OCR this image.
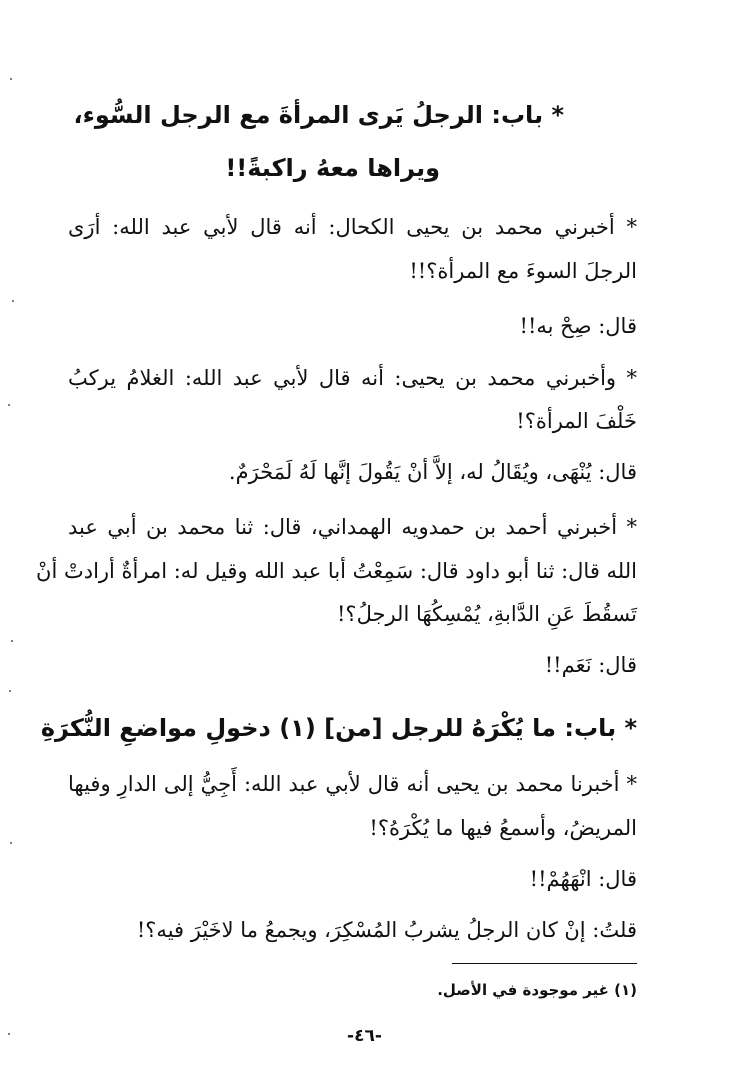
* باب: الرجلُ يَرى المرأةَ مع الرجل السُّوء،
ويراها معهُ راكبةً!!
* أخبرني محمد بن يحيى الكحال: أنه قال لأبي عبد الله: أرَى
الرجلَ السوءَ مع المرأة؟!!
قال: صِحْ به!!
* وأخبرني محمد بن يحيى: أنه قال لأبي عبد الله: الغلامُ يركبُ
خَلْفَ المرأة؟!
قال: يُنْهَى، ويُقَالُ له، إلاَّ أنْ يَقُولَ إنَّها لَهُ لَمَحْرَمٌ.
* أخبرني أحمد بن حمدويه الهمداني، قال: ثنا محمد بن أبي عبد
الله قال: ثنا أبو داود قال: سَمِعْتُ أبا عبد الله وقيل له: امرأةٌ أرادتْ أنْ
تَسقُطَ عَنِ الدَّابةِ، يُمْسِكُهَا الرجلُ؟!
قال: نَعَم!!
* باب: ما يُكْرَهُ للرجل [من] (١) دخولِ مواضعِ النُّكرَةِ
* أخبرنا محمد بن يحيى أنه قال لأبي عبد الله: أَجِيُّ إلى الدارِ وفيها
المريضُ، وأسمعُ فيها ما يُكْرَهُ؟!
قال: انْهَهُمْ!!
قلتُ: إنْ كان الرجلُ يشربُ المُسْكِرَ، ويجمعُ ما لاخَيْرَ فيه؟!
(١) غير موجودة في الأصل.
-٤٦-
